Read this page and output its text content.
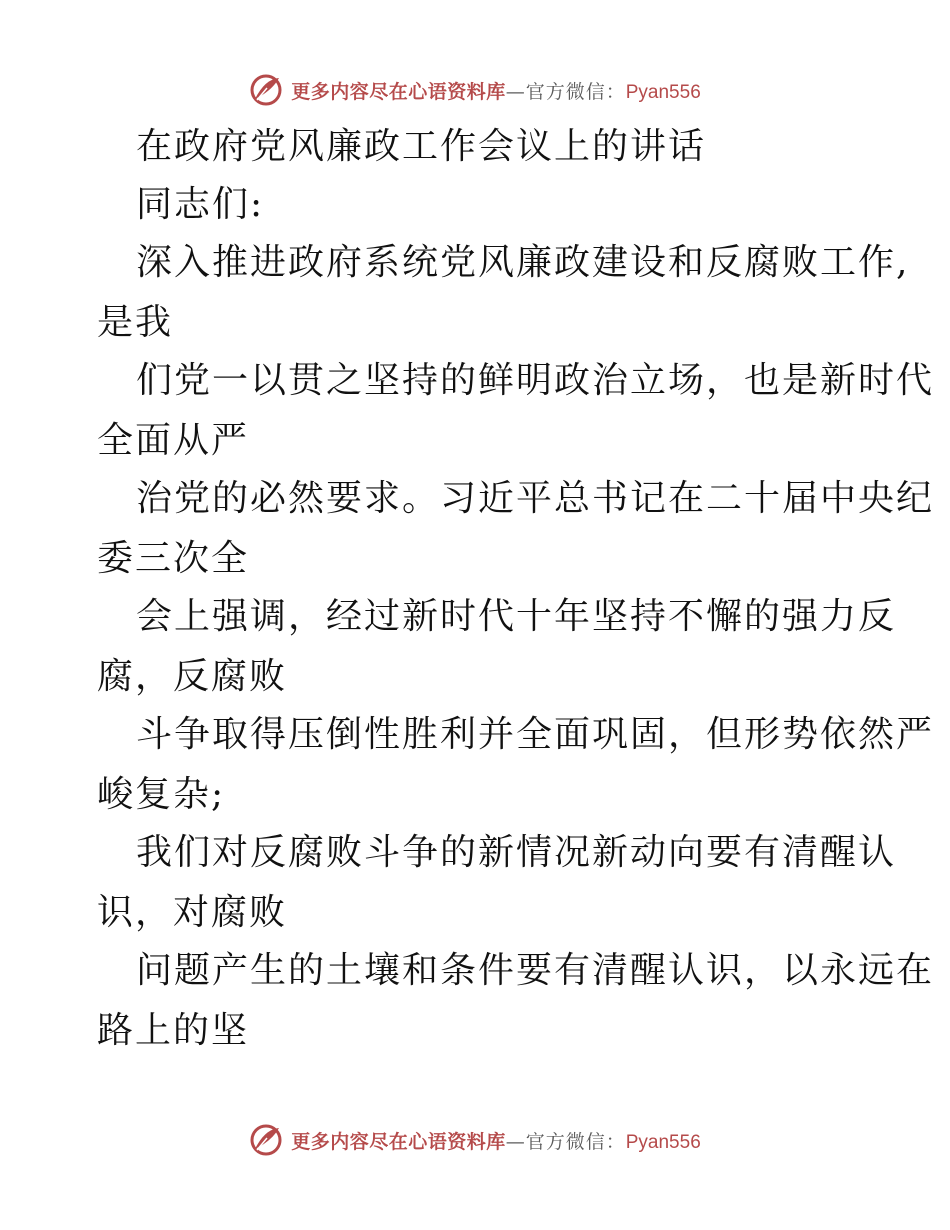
更多内容尽在心语资料库 — 官方微信： Pyan556
在政府党风廉政工作会议上的讲话
同志们:
深入推进政府系统党风廉政建设和反腐败工作,
是我
们党一以贯之坚持的鲜明政治立场，也是新时代
全面从严
治党的必然要求。习近平总书记在二十届中央纪
委三次全
会上强调，经过新时代十年坚持不懈的强力反
腐，反腐败
斗争取得压倒性胜利并全面巩固，但形势依然严
峻复杂;
我们对反腐败斗争的新情况新动向要有清醒认
识，对腐败
问题产生的土壤和条件要有清醒认识，以永远在
路上的坚
更多内容尽在心语资料库 — 官方微信： Pyan556
